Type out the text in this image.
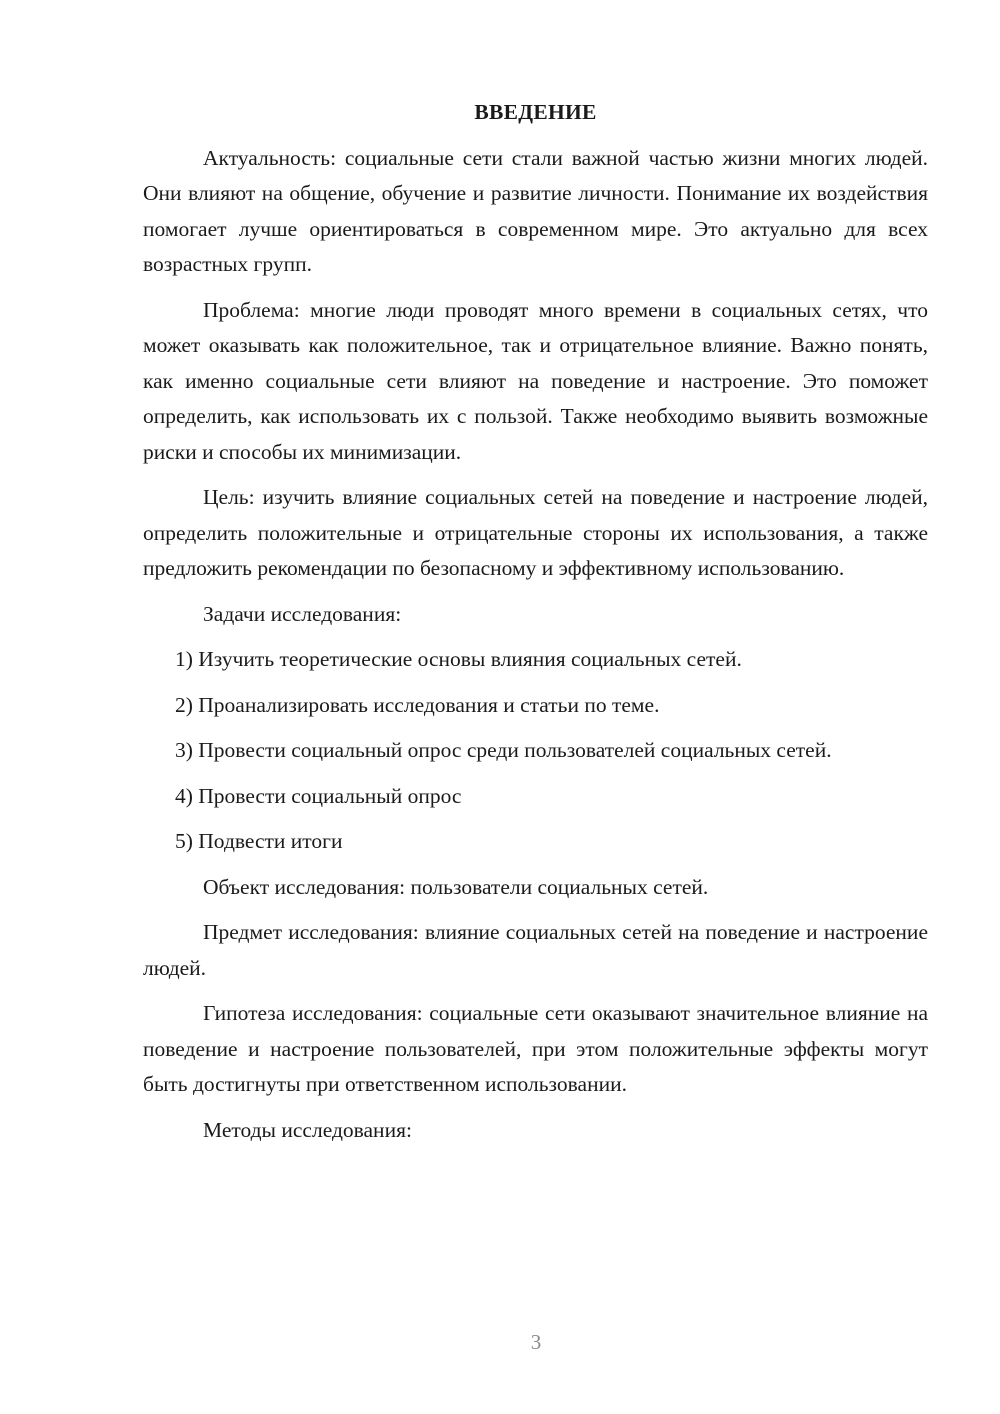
ВВЕДЕНИЕ

Актуальность: социальные сети стали важной частью жизни многих людей. Они влияют на общение, обучение и развитие личности. Понимание их воздействия помогает лучше ориентироваться в современном мире. Это актуально для всех возрастных групп.

Проблема: многие люди проводят много времени в социальных сетях, что может оказывать как положительное, так и отрицательное влияние. Важно понять, как именно социальные сети влияют на поведение и настроение. Это поможет определить, как использовать их с пользой. Также необходимо выявить возможные риски и способы их минимизации.

Цель: изучить влияние социальных сетей на поведение и настроение людей, определить положительные и отрицательные стороны их использования, а также предложить рекомендации по безопасному и эффективному использованию.

Задачи исследования:

1) Изучить теоретические основы влияния социальных сетей.

2) Проанализировать исследования и статьи по теме.

3) Провести социальный опрос среди пользователей социальных сетей.

4) Провести социальный опрос

5) Подвести итоги

Объект исследования: пользователи социальных сетей.

Предмет исследования: влияние социальных сетей на поведение и настроение людей.

Гипотеза исследования: социальные сети оказывают значительное влияние на поведение и настроение пользователей, при этом положительные эффекты могут быть достигнуты при ответственном использовании.

Методы исследования:

3
